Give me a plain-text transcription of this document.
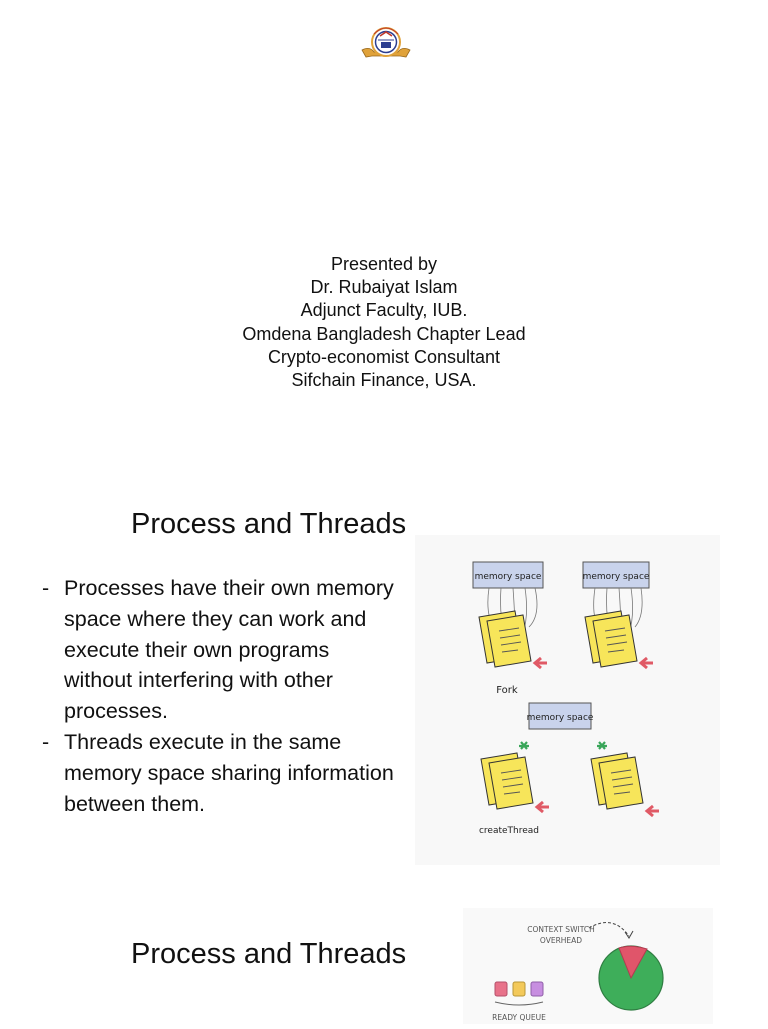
Presented by
Dr. Rubaiyat Islam
Adjunct Faculty, IUB.
Omdena Bangladesh Chapter Lead
Crypto-economist Consultant
Sifchain Finance, USA.
Process and Threads
- Processes have their own memory space where they can work and execute their own programs without interfering with other processes.
- Threads execute in the same memory space sharing information between them.
memory space
Fork
memory space
memory space
createThread
Process and Threads
CONTEXT SWITCH
OVERHEAD
READY QUEUE
